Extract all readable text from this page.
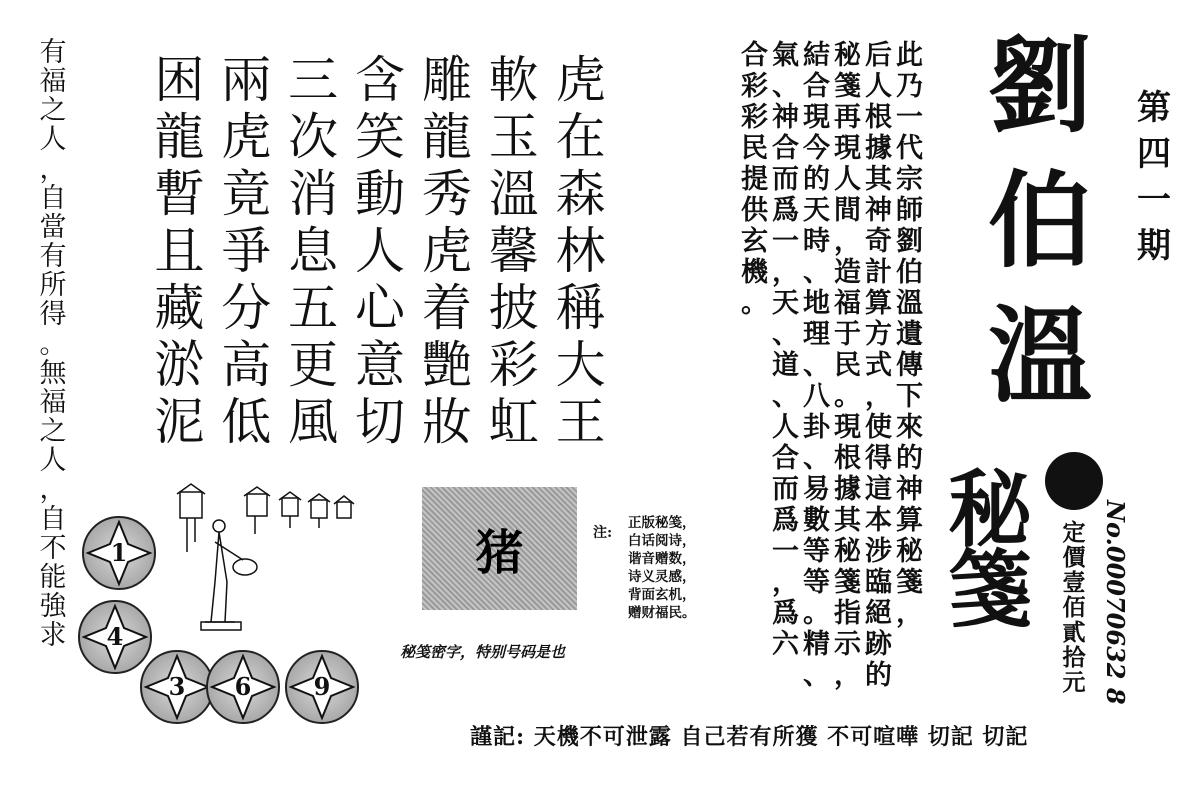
有
福
之
人
，
自
當
有
所
得
。
無
福
之
人
，
自
不
能
強
求
虎
在
森
林
稱
大
王
軟
玉
溫
馨
披
彩
虹
雕
龍
秀
虎
着
艷
妝
含
笑
動
人
心
意
切
三
次
消
息
五
更
風
兩
虎
竟
爭
分
高
低
困
龍
暫
且
藏
淤
泥
此
乃
一
代
宗
師
劉
伯
溫
遺
傳
下
來
的
神
算
秘
箋
，
后
人
根
據
其
神
奇
計
算
方
式
，
使
得
這
本
涉
臨
絕
跡
的
秘
箋
再
現
人
間
，
造
福
于
民
。
現
根
據
其
秘
箋
指
示
，
結
合
現
今
的
天
時
、
地
理
、
八
卦
、
易
數
等
等
。
精
、
氣
、
神
合
而
爲
一
，
天
、
道
、
人
合
而
爲
一
，
爲
六
合
彩
彩
民
提
供
玄
機
。
劉
伯
溫
秘
箋
第
四
一
期
定
價
壹
佰
貳
拾
元 No.00070632 8
1
4
3	6	9
猪	注:
正版秘笺，
白话阅诗，
谐音赠数，
诗义灵感，
背面玄机，
赠财福民。
秘笺密字，特别号码是也
謹記: 天機不可泄露 自己若有所獲 不可喧嘩 切記 切記
